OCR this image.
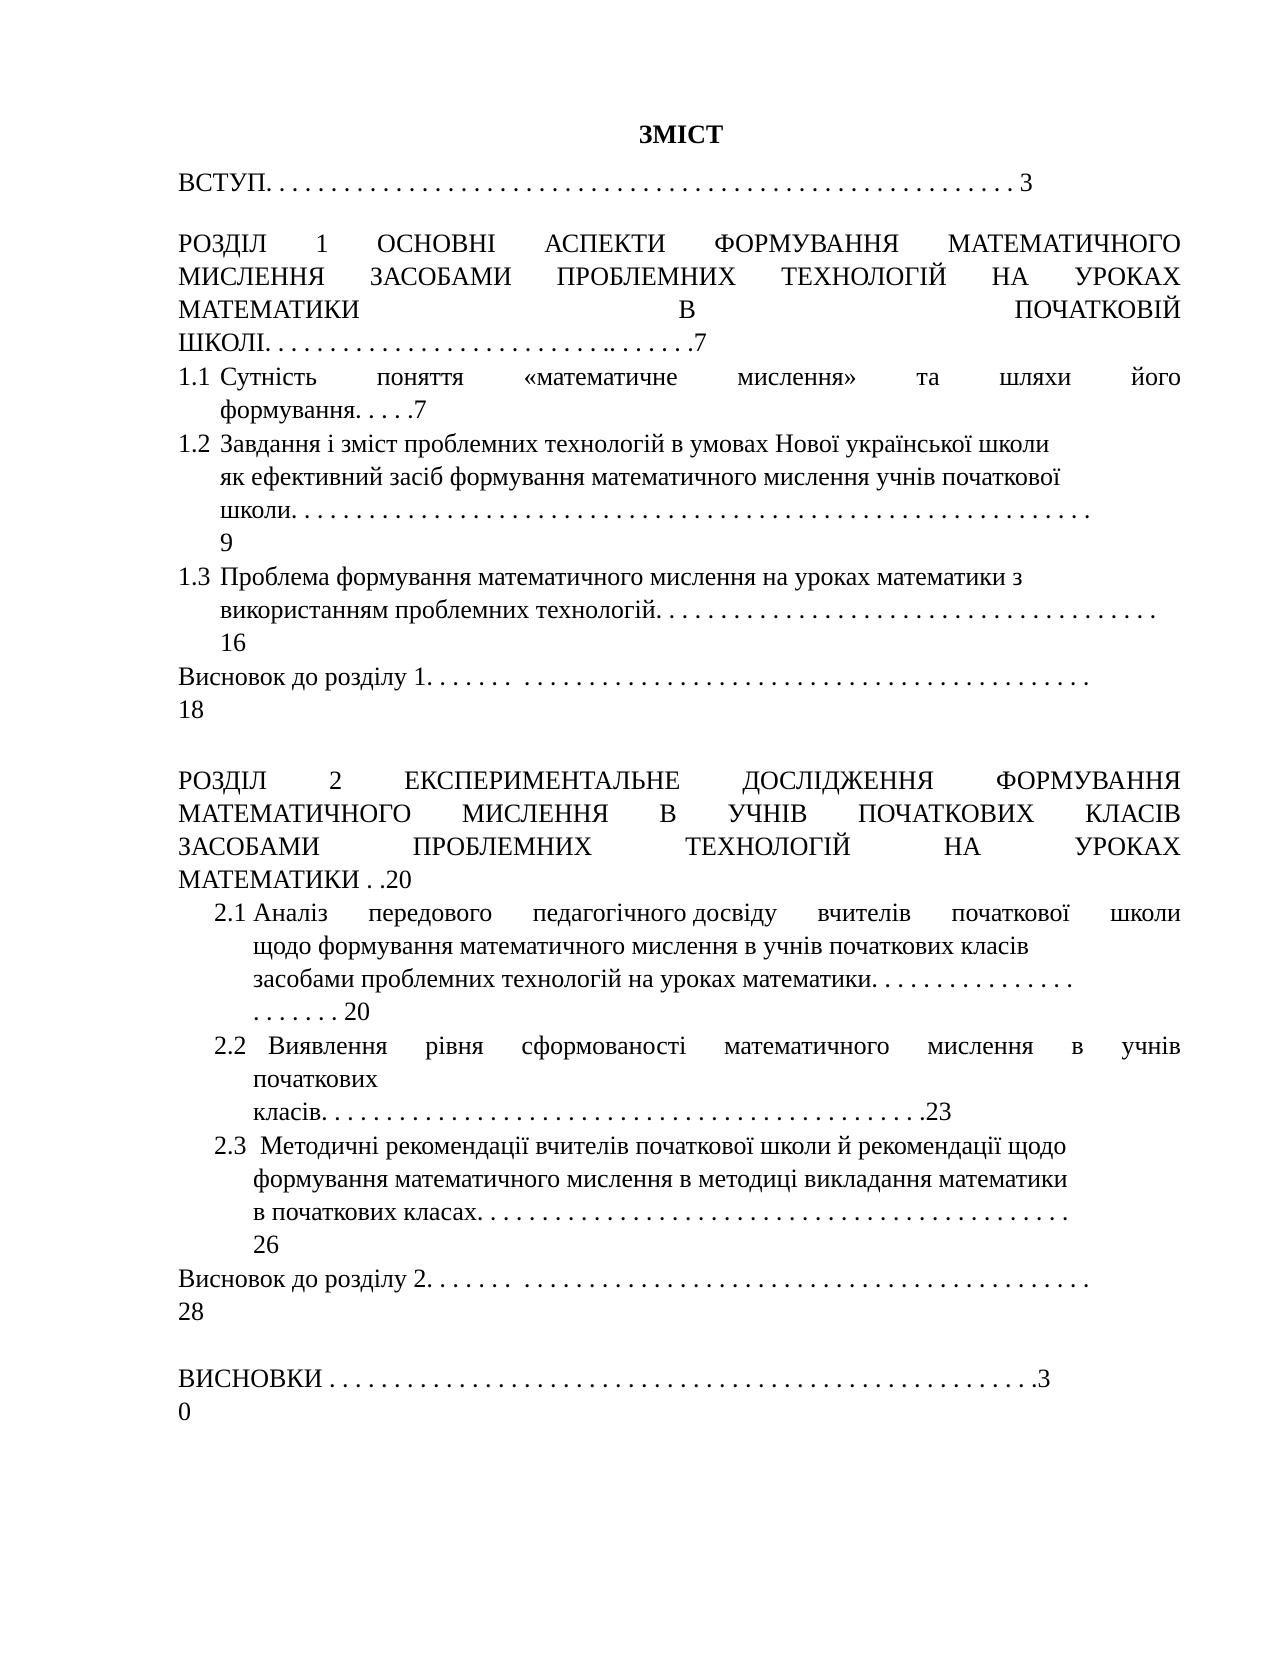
ЗМІСТ
ВСТУП. . . . . . . . . . . . . . . . . . . . . . . . . . . . . . . . . . . . . . . . . . . . . . . . . . . . . . . . . . 3
РОЗДІЛ 1 ОСНОВНІ АСПЕКТИ ФОРМУВАННЯ МАТЕМАТИЧНОГО
МИСЛЕННЯ ЗАСОБАМИ ПРОБЛЕМНИХ ТЕХНОЛОГІЙ НА УРОКАХ
МАТЕМАТИКИ	В	ПОЧАТКОВІЙ
ШКОЛІ. . . . . . . . . . . . . . . . . . . . . . . . . . .. . . . . . .7
1.1 Сутність поняття «математичне мислення» та шляхи його
формування. . . . .7
1.2 Завдання і зміст проблемних технологій в умовах Нової української школи
як ефективний засіб формування математичного мислення учнів початкової
школи. . . . . . . . . . . . . . . . . . . . . . . . . . . . . . . . . . . . . . . . . . . . . . . . . . . . . . . . . . . . . .
9
1.3 Проблема формування математичного мислення на уроках математики з
використанням проблемних технологій. . . . . . . . . . . . . . . . . . . . . . . . . . . . . . . . . . . . . . .
16
Висновок до розділу 1. . . . . . .  . . . . . . . . . . . . . . . . . . . . . . . . . . . . . . . . . . . . . . . . . . . .
18
РОЗДІЛ 2 ЕКСПЕРИМЕНТАЛЬНЕ ДОСЛІДЖЕННЯ ФОРМУВАННЯ
МАТЕМАТИЧНОГО МИСЛЕННЯ В УЧНІВ ПОЧАТКОВИХ КЛАСІВ
ЗАСОБАМИ	ПРОБЛЕМНИХ	ТЕХНОЛОГІЙ	НА	УРОКАХ
МАТЕМАТИКИ . .20
2.1 Аналіз передового педагогічного досвіду вчителів початкової школи
щодо формування математичного мислення в учнів початкових класів
засобами проблемних технологій на уроках математики. . . . . . . . . . . . . . . .
. . . . . . . 20
2.2 Виявлення рівня сформованості математичного мислення в учнів
початкових
класів. . . . . . . . . . . . . . . . . . . . . . . . . . . . . . . . . . . . . . . . . . . . . . .23
2.3 Методичні рекомендації вчителів початкової школи й рекомендації щодо
формування математичного мислення в методиці викладання математики
в початкових класах. . . . . . . . . . . . . . . . . . . . . . . . . . . . . . . . . . . . . . . . . . . . . .
26
Висновок до розділу 2. . . . . . .  . . . . . . . . . . . . . . . . . . . . . . . . . . . . . . . . . . . . . . . . . . . .
28
ВИСНОВКИ . . . . . . . . . . . . . . . . . . . . . . . . . . . . . . . . . . . . . . . . . . . . . . . . . . . . . . .3
0
